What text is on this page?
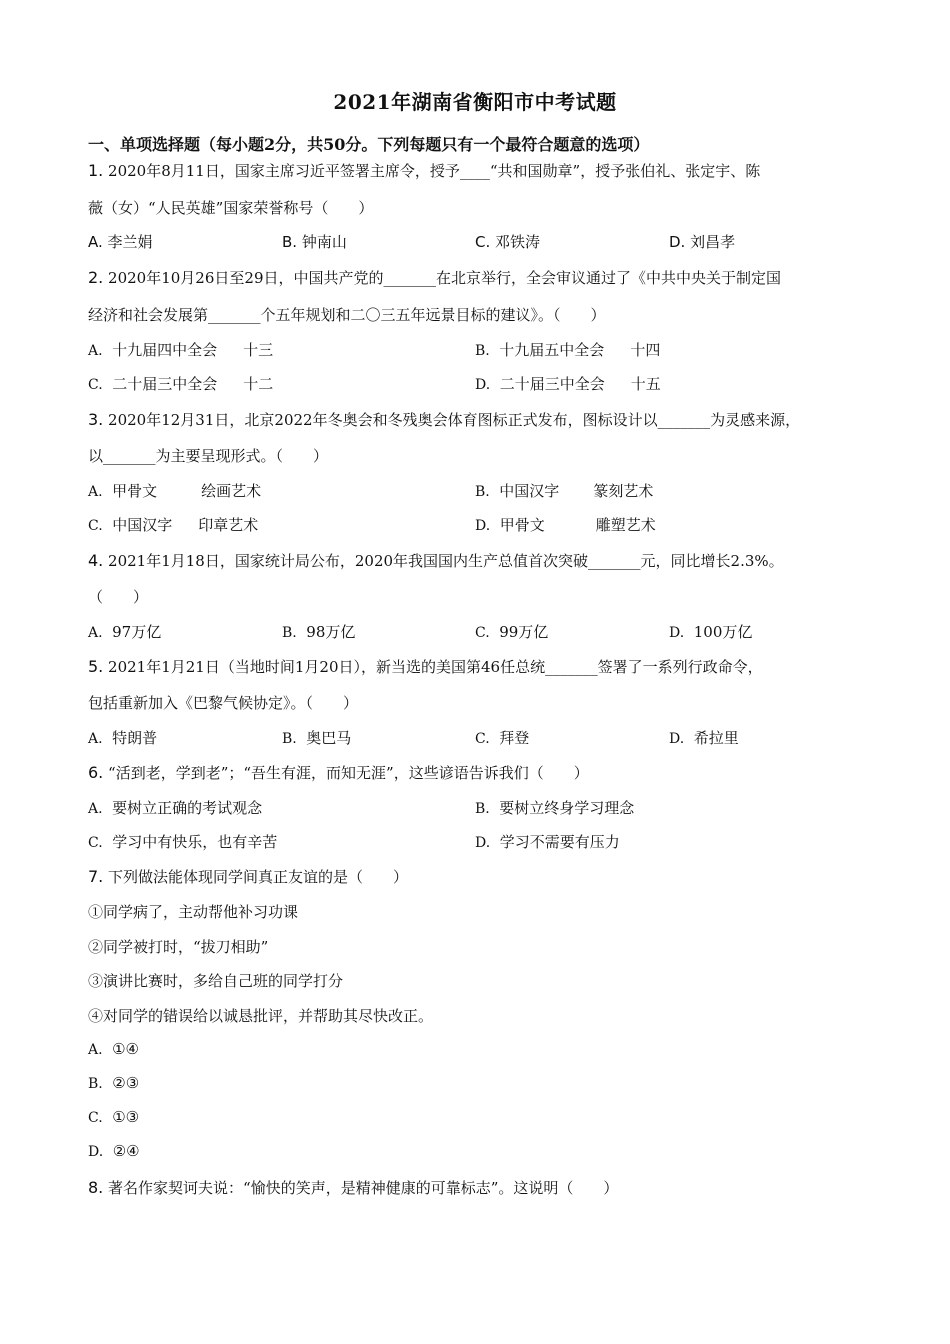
2021年湖南省衡阳市中考试题
一、单项选择题（每小题2分，共50分。下列每题只有一个最符合题意的选项）
1. 2020年8月11日，国家主席习近平签署主席令，授予____“共和国勋章”，授予张伯礼、张定宇、陈
薇（女）“人民英雄”国家荣誉称号（　　）
A. 李兰娟	B. 钟南山	C. 邓铁涛	D. 刘昌孝
2. 2020年10月26日至29日，中国共产党的_______在北京举行，全会审议通过了《中共中央关于制定国
经济和社会发展第_______个五年规划和二〇三五年远景目标的建议》。（　　）
A. 十九届四中全会 十三	B. 十九届五中全会 十四
C. 二十届三中全会 十二	D. 二十届三中全会 十五
3. 2020年12月31日，北京2022年冬奥会和冬残奥会体育图标正式发布，图标设计以_______为灵感来源，
以_______为主要呈现形式。（　　）
A. 甲骨文	绘画艺术	B. 中国汉字 篆刻艺术
C. 中国汉字 印章艺术	D. 甲骨文	雕塑艺术
4. 2021年1月18日，国家统计局公布，2020年我国国内生产总值首次突破_______元，同比增长2.3%。
（　　）
A. 97万亿	B. 98万亿	C. 99万亿	D. 100万亿
5. 2021年1月21日（当地时间1月20日），新当选的美国第46任总统_______签署了一系列行政命令，
包括重新加入《巴黎气候协定》。（　　）
A. 特朗普	B. 奥巴马	C. 拜登	D. 希拉里
6. “活到老，学到老”；“吾生有涯，而知无涯”，这些谚语告诉我们（　　）
A. 要树立正确的考试观念	B. 要树立终身学习理念
C. 学习中有快乐，也有辛苦	D. 学习不需要有压力
7. 下列做法能体现同学间真正友谊的是（　　）
①同学病了，主动帮他补习功课
②同学被打时，“拔刀相助”
③演讲比赛时，多给自己班的同学打分
④对同学的错误给以诚恳批评，并帮助其尽快改正。
A. ①④
B. ②③
C. ①③
D. ②④
8. 著名作家契诃夫说：“愉快的笑声，是精神健康的可靠标志”。这说明（　　）
